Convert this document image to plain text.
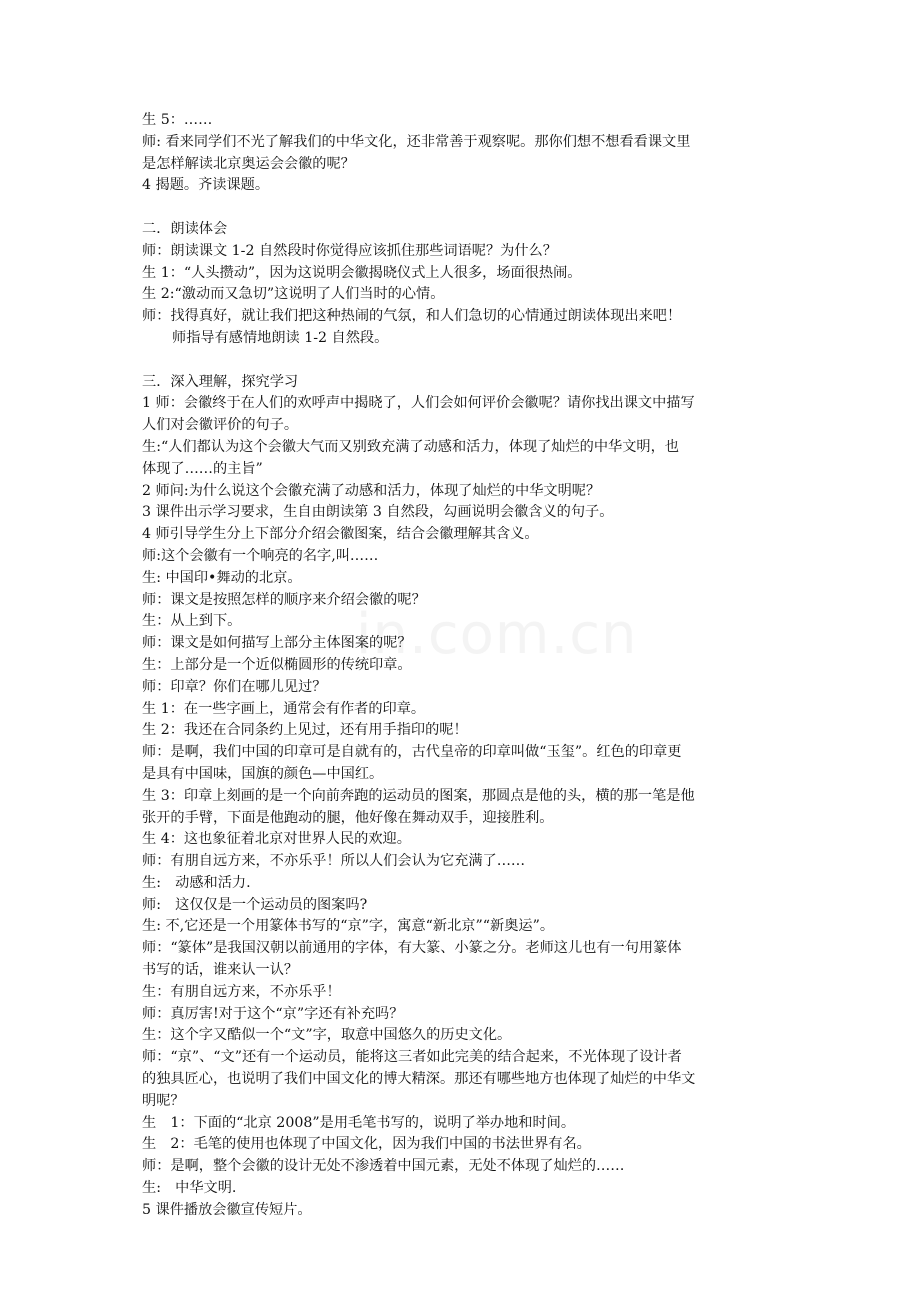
in.com.cn

生 5：……

师: 看来同学们不光了解我们的中华文化，还非常善于观察呢。那你们想不想看看课文里

是怎样解读北京奥运会会徽的呢？

4 揭题。齐读课题。

二．朗读体会

师：朗读课文 1-2 自然段时你觉得应该抓住那些词语呢？为什么？

生 1：“人头攒动”，因为这说明会徽揭晓仪式上人很多，场面很热闹。

生 2:“激动而又急切”这说明了人们当时的心情。

师：找得真好，就让我们把这种热闹的气氛，和人们急切的心情通过朗读体现出来吧！

师指导有感情地朗读 1-2 自然段。

三．深入理解，探究学习

1 师：会徽终于在人们的欢呼声中揭晓了，人们会如何评价会徽呢？请你找出课文中描写

人们对会徽评价的句子。

生:“人们都认为这个会徽大气而又别致充满了动感和活力，体现了灿烂的中华文明，也

体现了……的主旨”

2 师问:为什么说这个会徽充满了动感和活力，体现了灿烂的中华文明呢？

3 课件出示学习要求，生自由朗读第 3 自然段，勾画说明会徽含义的句子。

4 师引导学生分上下部分介绍会徽图案，结合会徽理解其含义。

师:这个会徽有一个响亮的名字,叫……

生: 中国印•舞动的北京。

师：课文是按照怎样的顺序来介绍会徽的呢？

生：从上到下。

师：课文是如何描写上部分主体图案的呢？

生：上部分是一个近似椭圆形的传统印章。

师：印章？你们在哪儿见过？

生 1：在一些字画上，通常会有作者的印章。

生 2：我还在合同条约上见过，还有用手指印的呢！

师：是啊，我们中国的印章可是自就有的，古代皇帝的印章叫做“玉玺”。红色的印章更

是具有中国味，国旗的颜色—中国红。

生 3：印章上刻画的是一个向前奔跑的运动员的图案，那圆点是他的头，横的那一笔是他

张开的手臂，下面是他跑动的腿，他好像在舞动双手，迎接胜利。

生 4：这也象征着北京对世界人民的欢迎。

师：有朋自远方来，不亦乐乎！所以人们会认为它充满了……

生:　动感和活力.

师:　这仅仅是一个运动员的图案吗?

生: 不,它还是一个用篆体书写的“京”字，寓意“新北京”“新奥运”。

师：“篆体”是我国汉朝以前通用的字体，有大篆、小篆之分。老师这儿也有一句用篆体

书写的话，谁来认一认？

生：有朋自远方来，不亦乐乎！

师：真厉害!对于这个“京”字还有补充吗？

生：这个字又酷似一个“文”字，取意中国悠久的历史文化。

师：“京”、“文”还有一个运动员，能将这三者如此完美的结合起来，不光体现了设计者

的独具匠心，也说明了我们中国文化的博大精深。那还有哪些地方也体现了灿烂的中华文

明呢？

生　1：下面的“北京 2008”是用毛笔书写的，说明了举办地和时间。

生　2：毛笔的使用也体现了中国文化，因为我们中国的书法世界有名。

师：是啊，整个会徽的设计无处不渗透着中国元素，无处不体现了灿烂的……

生:　中华文明.

5 课件播放会徽宣传短片。
